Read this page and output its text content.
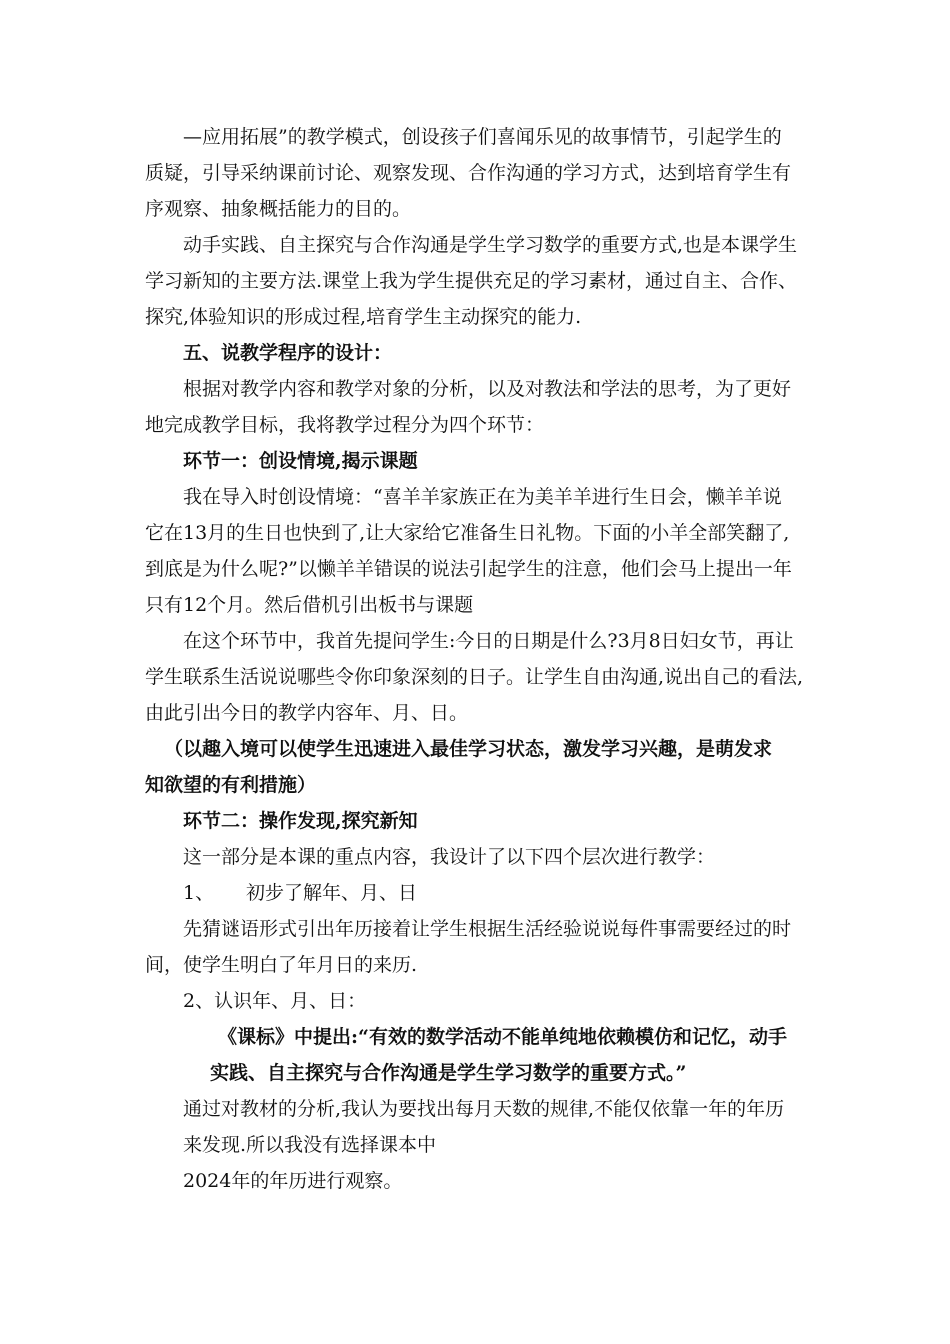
—应用拓展”的教学模式，创设孩子们喜闻乐见的故事情节，引起学生的
质疑，引导采纳课前讨论、观察发现、合作沟通的学习方式，达到培育学生有
序观察、抽象概括能力的目的。
动手实践、自主探究与合作沟通是学生学习数学的重要方式,也是本课学生
学习新知的主要方法.课堂上我为学生提供充足的学习素材，通过自主、合作、
探究,体验知识的形成过程,培育学生主动探究的能力.
五、说教学程序的设计：
根据对教学内容和教学对象的分析，以及对教法和学法的思考，为了更好
地完成教学目标，我将教学过程分为四个环节：
环节一：创设情境,揭示课题
我在导入时创设情境：“喜羊羊家族正在为美羊羊进行生日会，懒羊羊说
它在13月的生日也快到了,让大家给它准备生日礼物。下面的小羊全部笑翻了,
到底是为什么呢?”以懒羊羊错误的说法引起学生的注意，他们会马上提出一年
只有12个月。然后借机引出板书与课题
在这个环节中，我首先提问学生:今日的日期是什么?3月8日妇女节，再让
学生联系生活说说哪些令你印象深刻的日子。让学生自由沟通,说出自己的看法,
由此引出今日的教学内容年、月、日。
（以趣入境可以使学生迅速进入最佳学习状态，激发学习兴趣，是萌发求
知欲望的有利措施）
环节二：操作发现,探究新知
这一部分是本课的重点内容，我设计了以下四个层次进行教学：
1、 初步了解年、月、日
先猜谜语形式引出年历接着让学生根据生活经验说说每件事需要经过的时
间，使学生明白了年月日的来历.
2、认识年、月、日：
《课标》中提出:“有效的数学活动不能单纯地依赖模仿和记忆，动手
实践、自主探究与合作沟通是学生学习数学的重要方式。”
通过对教材的分析,我认为要找出每月天数的规律,不能仅依靠一年的年历
来发现.所以我没有选择课本中
2024年的年历进行观察。
